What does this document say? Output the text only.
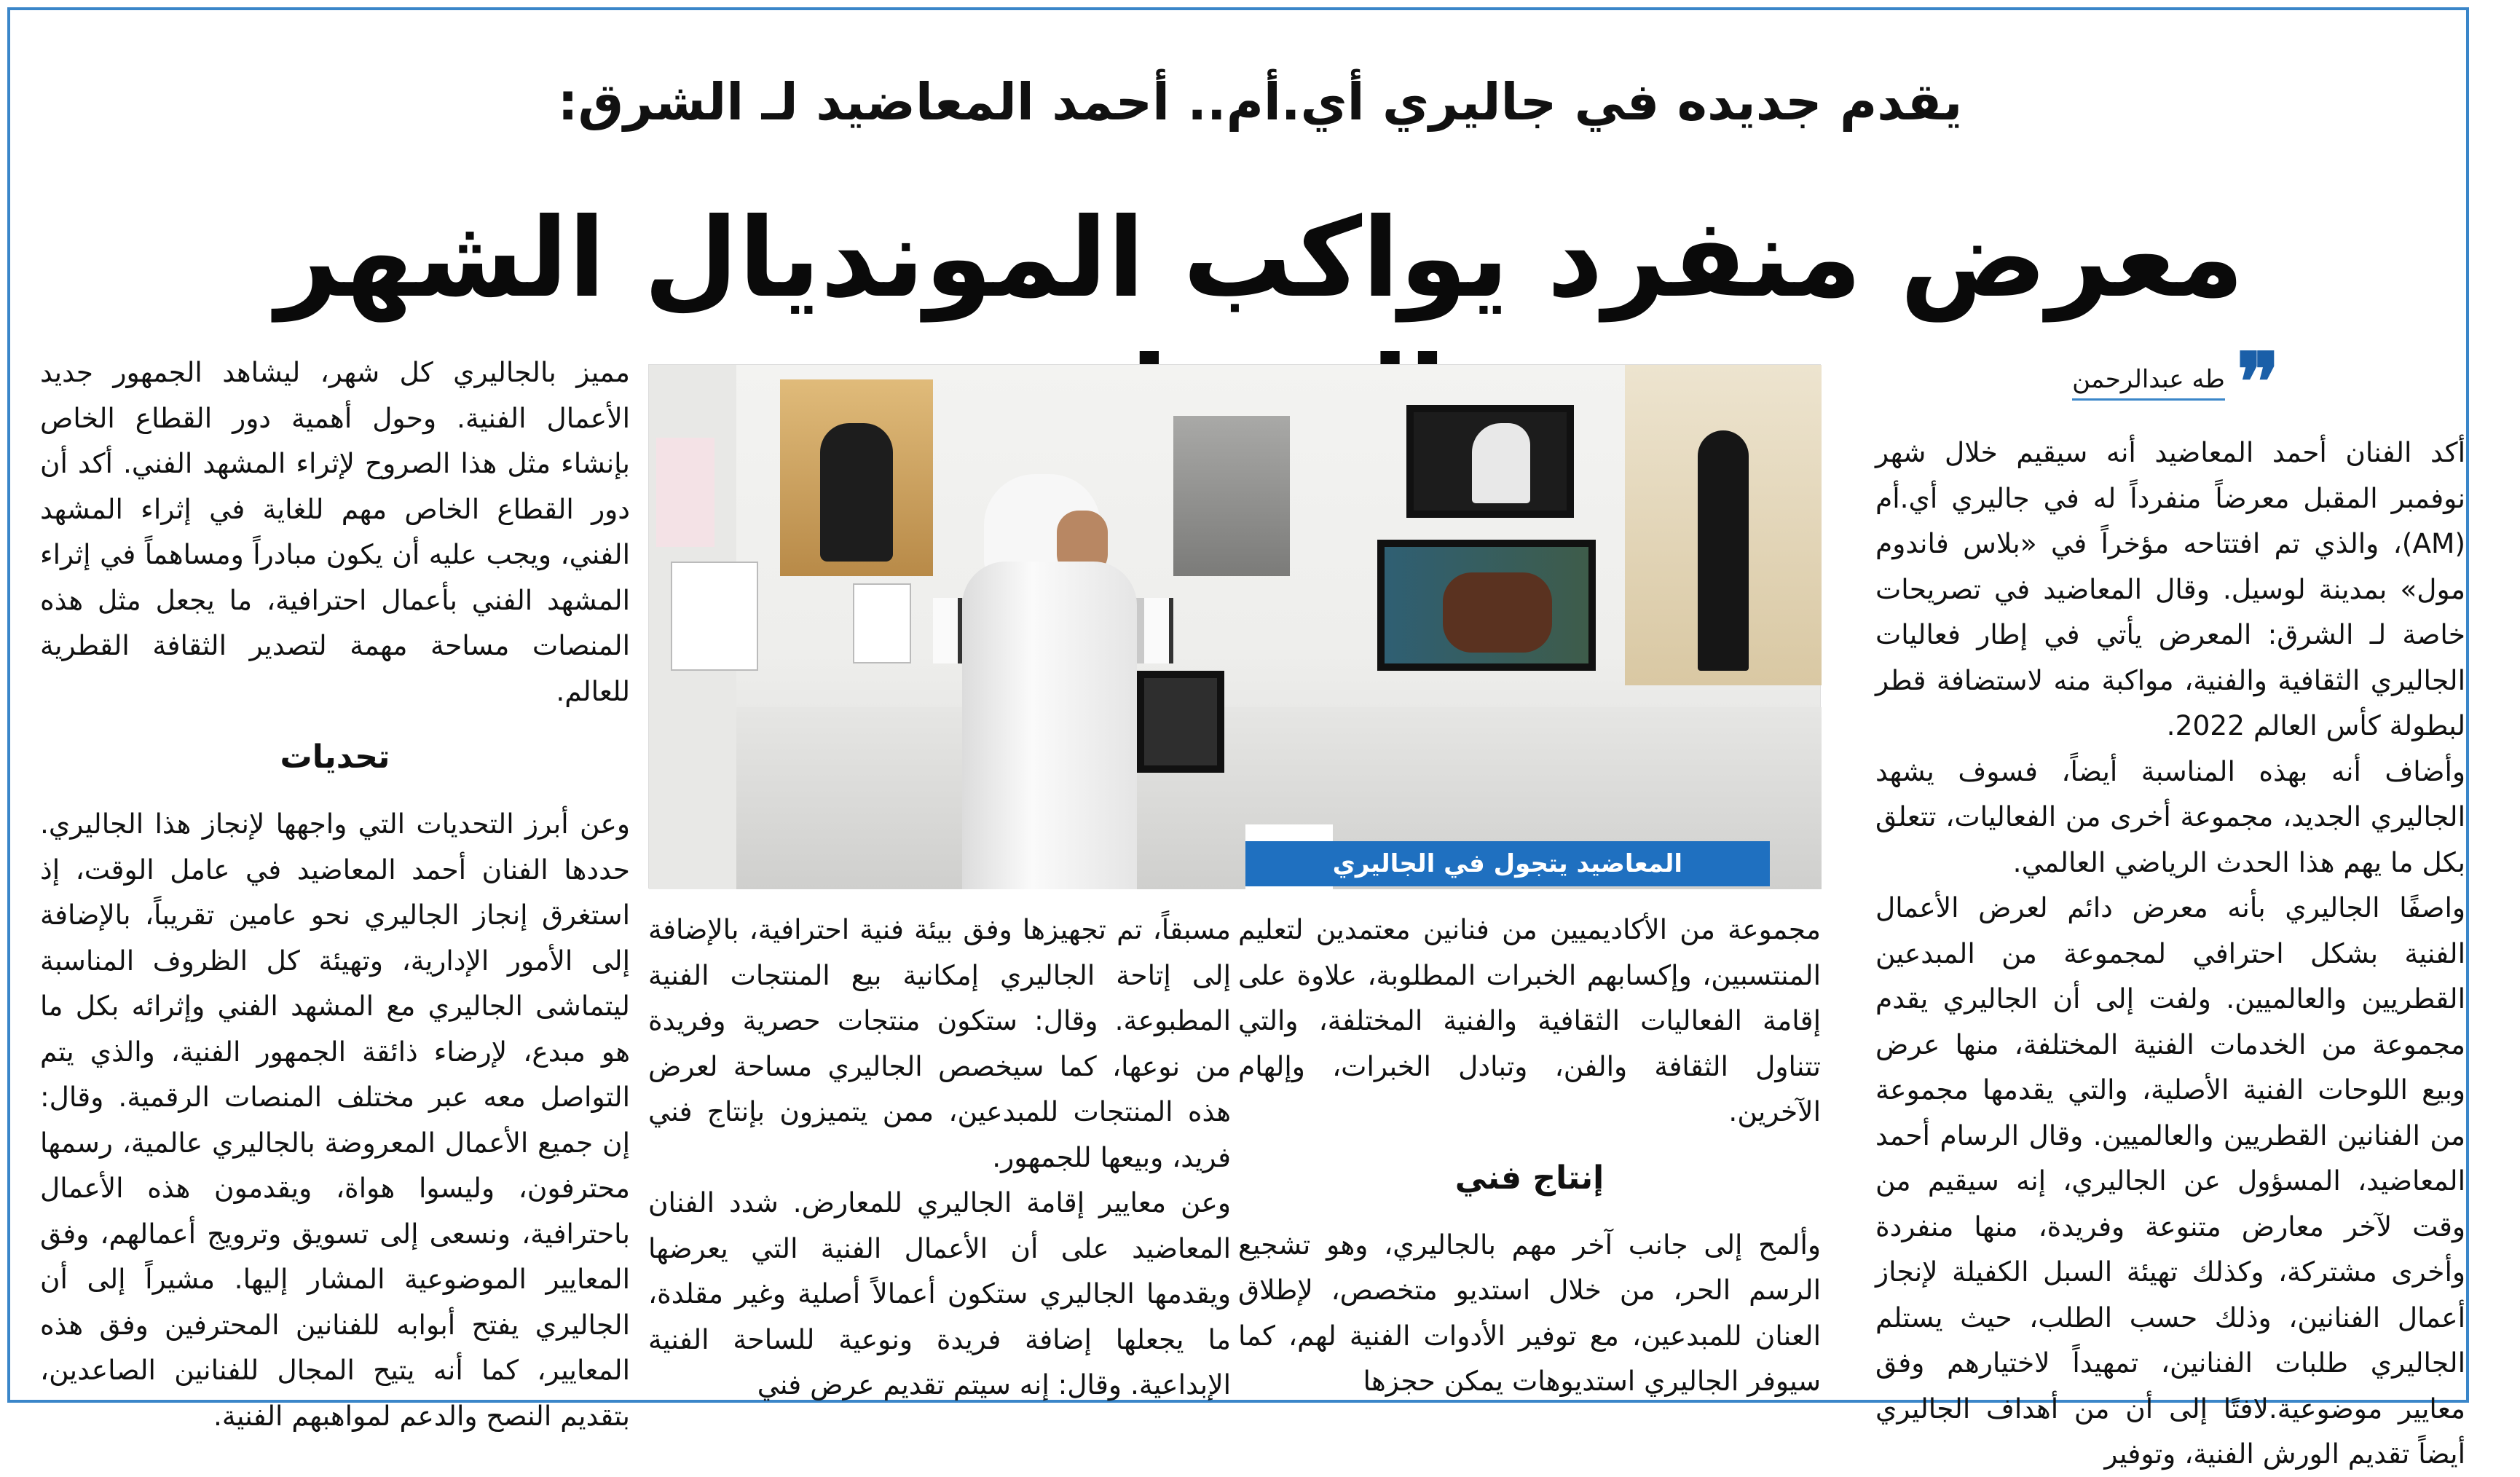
يقدم جديده في جاليري أي.أم.. أحمد المعاضيد لـ الشرق:
معرض منفرد يواكب المونديال الشهر
❞
طه عبدالرحمن

أكد الفنان أحمد المعاضيد أنه سيقيم خلال شهر نوفمبر المقبل معرضاً منفرداً له في جاليري أي.أم (AM)، والذي تم افتتاحه مؤخراً في «بلاس فاندوم مول» بمدينة لوسيل. وقال المعاضيد في تصريحات خاصة لـ الشرق: المعرض يأتي في إطار فعاليات الجاليري الثقافية والفنية، مواكبة منه لاستضافة قطر لبطولة كأس العالم 2022.

وأضاف أنه بهذه المناسبة أيضاً، فسوف يشهد الجاليري الجديد، مجموعة أخرى من الفعاليات، تتعلق بكل ما يهم هذا الحدث الرياضي العالمي.

واصفًا الجاليري بأنه معرض دائم لعرض الأعمال الفنية بشكل احترافي لمجموعة من المبدعين القطريين والعالميين. ولفت إلى أن الجاليري يقدم مجموعة من الخدمات الفنية المختلفة، منها عرض وبيع اللوحات الفنية الأصلية، والتي يقدمها مجموعة من الفنانين القطريين والعالميين. وقال الرسام أحمد المعاضيد، المسؤول عن الجاليري، إنه سيقيم من وقت لآخر معارض متنوعة وفريدة، منها منفردة وأخرى مشتركة، وكذلك تهيئة السبل الكفيلة لإنجاز أعمال الفنانين، وذلك حسب الطلب، حيث يستلم الجاليري طلبات الفنانين، تمهيداً لاختيارهم وفق معايير موضوعية.لافتًا إلى أن من أهداف الجاليري أيضاً تقديم الورش الفنية، وتوفير

المعاضيد يتجول في الجاليري

مجموعة من الأكاديميين من فنانين معتمدين لتعليم المنتسبين، وإكسابهم الخبرات المطلوبة، علاوة على إقامة الفعاليات الثقافية والفنية المختلفة، والتي تتناول الثقافة والفن، وتبادل الخبرات، وإلهام الآخرين.

إنتاج فني

وألمح إلى جانب آخر مهم بالجاليري، وهو تشجيع الرسم الحر، من خلال استديو متخصص، لإطلاق العنان للمبدعين، مع توفير الأدوات الفنية لهم، كما سيوفر الجاليري استديوهات يمكن حجزها

مسبقاً، تم تجهيزها وفق بيئة فنية احترافية، بالإضافة إلى إتاحة الجاليري إمكانية بيع المنتجات الفنية المطبوعة. وقال: ستكون منتجات حصرية وفريدة من نوعها، كما سيخصص الجاليري مساحة لعرض هذه المنتجات للمبدعين، ممن يتميزون بإنتاج فني فريد، وبيعها للجمهور.

وعن معايير إقامة الجاليري للمعارض. شدد الفنان المعاضيد على أن الأعمال الفنية التي يعرضها ويقدمها الجاليري ستكون أعمالاً أصلية وغير مقلدة، ما يجعلها إضافة فريدة ونوعية للساحة الفنية الإبداعية. وقال: إنه سيتم تقديم عرض فني

مميز بالجاليري كل شهر، ليشاهد الجمهور جديد الأعمال الفنية. وحول أهمية دور القطاع الخاص بإنشاء مثل هذا الصروح لإثراء المشهد الفني. أكد أن دور القطاع الخاص مهم للغاية في إثراء المشهد الفني، ويجب عليه أن يكون مبادراً ومساهماً في إثراء المشهد الفني بأعمال احترافية، ما يجعل مثل هذه المنصات مساحة مهمة لتصدير الثقافة القطرية للعالم.

تحديات

وعن أبرز التحديات التي واجهها لإنجاز هذا الجاليري. حددها الفنان أحمد المعاضيد في عامل الوقت، إذ استغرق إنجاز الجاليري نحو عامين تقريباً، بالإضافة إلى الأمور الإدارية، وتهيئة كل الظروف المناسبة ليتماشى الجاليري مع المشهد الفني وإثرائه بكل ما هو مبدع، لإرضاء ذائقة الجمهور الفنية، والذي يتم التواصل معه عبر مختلف المنصات الرقمية. وقال: إن جميع الأعمال المعروضة بالجاليري عالمية، رسمها محترفون، وليسوا هواة، ويقدمون هذه الأعمال باحترافية، ونسعى إلى تسويق وترويج أعمالهم، وفق المعايير الموضوعية المشار إليها. مشيراً إلى أن الجاليري يفتح أبوابه للفنانين المحترفين وفق هذه المعايير، كما أنه يتيح المجال للفنانين الصاعدين، بتقديم النصح والدعم لمواهبهم الفنية.
